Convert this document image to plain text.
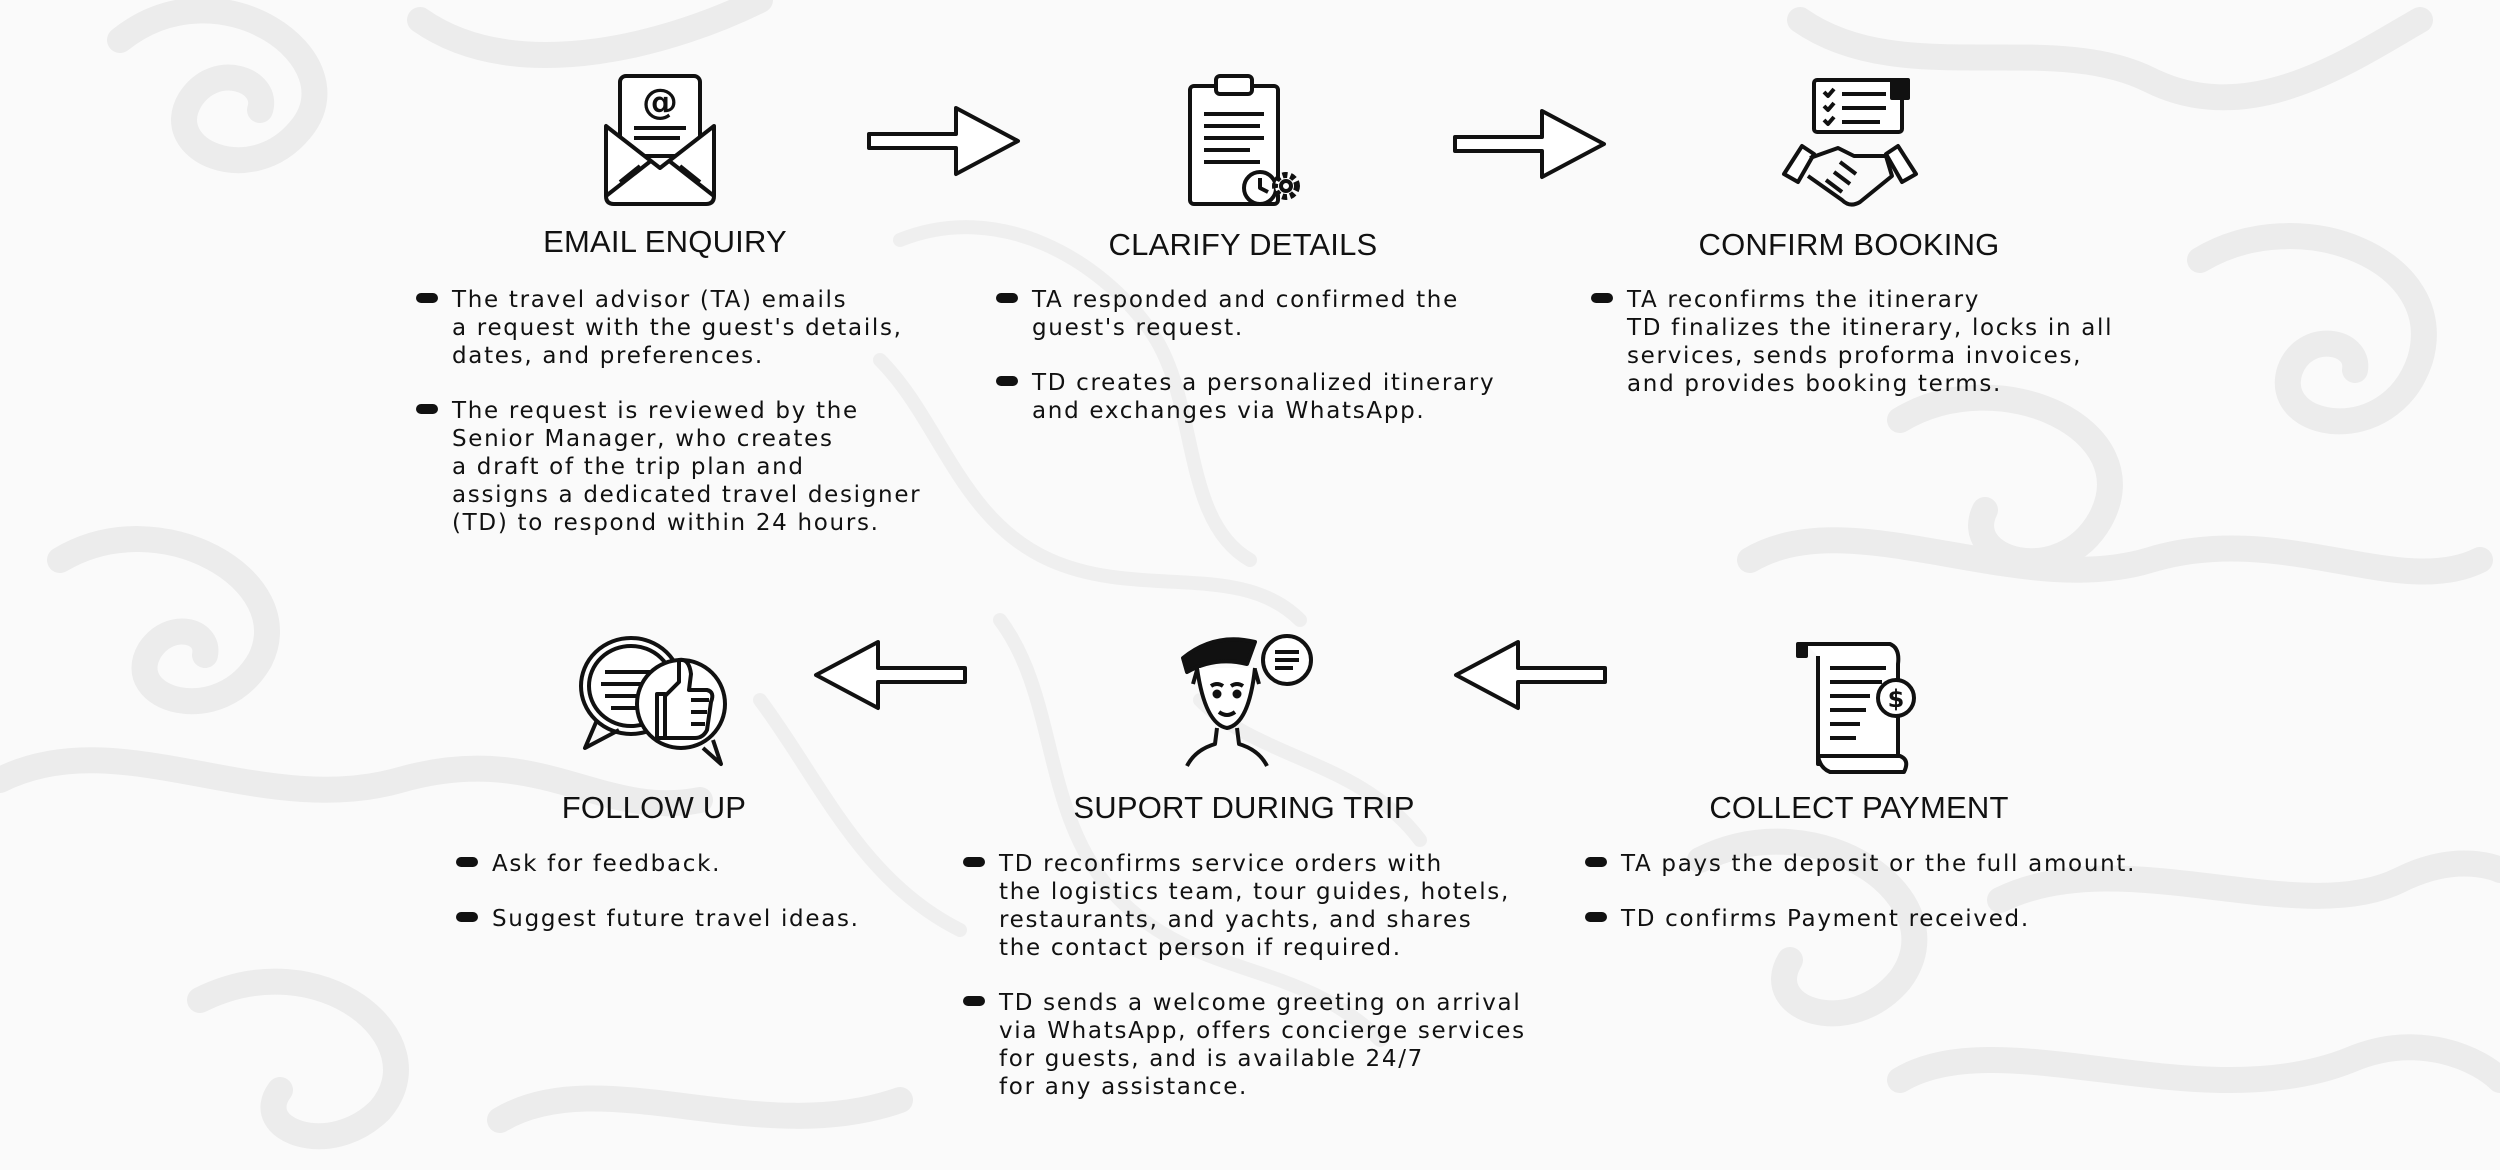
@
$
EMAIL ENQUIRY	CLARIFY DETAILS	CONFIRM BOOKING
COLLECT PAYMENT
SUPORT DURING TRIP
FOLLOW UP
The travel advisor (TA) emails
a request with the guest's details,
dates, and preferences.
The request is reviewed by the
Senior Manager, who creates
a draft of the trip plan and
assigns a dedicated travel designer
(TD) to respond within 24 hours.
TA responded and confirmed the
guest's request.
TD creates a personalized itinerary
and exchanges via WhatsApp.
TA reconfirms the itinerary
TD finalizes the itinerary, locks in all
services, sends proforma invoices,
and provides booking terms.
TA pays the deposit or the full amount.
TD confirms Payment received.
TD reconfirms service orders with
the logistics team, tour guides, hotels,
restaurants, and yachts, and shares
the contact person if required.
TD sends a welcome greeting on arrival
via WhatsApp, offers concierge services
for guests, and is available 24/7
for any assistance.
Ask for feedback.
Suggest future travel ideas.
